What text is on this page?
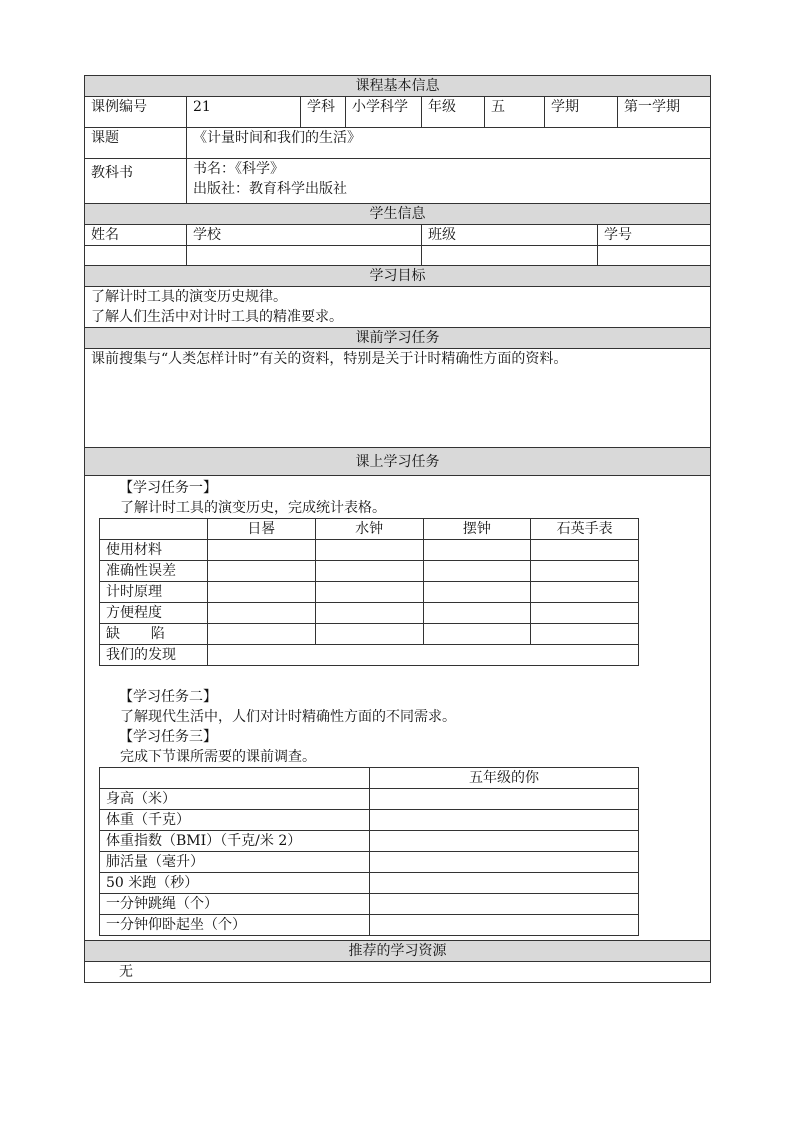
课程基本信息
课例编号	21	学科	小学科学	年级	五	学期	第一学期
课题	《计量时间和我们的生活》
教科书	书名：《科学》
出版社：教育科学出版社

学生信息
姓名	学校	班级	学号

学习目标

了解计时工具的演变历史规律。
了解人们生活中对计时工具的精准要求。

课前学习任务
课前搜集与“人类怎样计时”有关的资料，特别是关于计时精确性方面的资料。
课上学习任务

【学习任务一】
了解计时工具的演变历史，完成统计表格。
	日晷	水钟	摆钟	石英手表
使用材料				
准确性误差				
计时原理				
方便程度				
缺陷				
我们的发现	
【学习任务二】
了解现代生活中，人们对计时精确性方面的不同需求。
【学习任务三】
完成下节课所需要的课前调查。
	五年级的你
身高（米）	
体重（千克）	
体重指数（BMI）（千克/米 2）	
肺活量（毫升）	
50 米跑（秒）	
一分钟跳绳（个）	
一分钟仰卧起坐（个）	

推荐的学习资源
无
